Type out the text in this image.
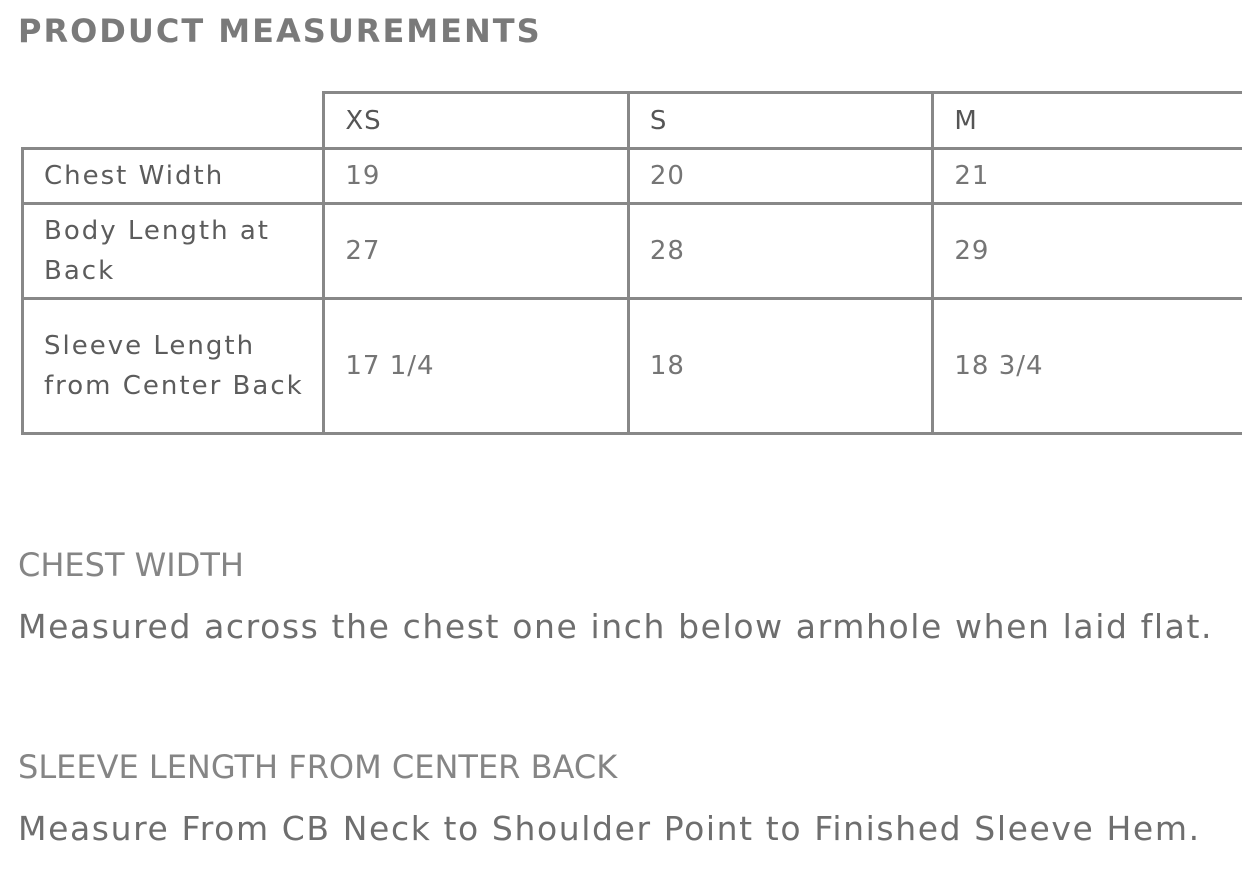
PRODUCT MEASUREMENTS
	XS	S	M
Chest Width	19	20	21
Body Length at Back	27	28	29
Sleeve Length from Center Back	17 1/4	18	18 3/4
CHEST WIDTH
Measured across the chest one inch below armhole when laid flat.
SLEEVE LENGTH FROM CENTER BACK
Measure From CB Neck to Shoulder Point to Finished Sleeve Hem.
